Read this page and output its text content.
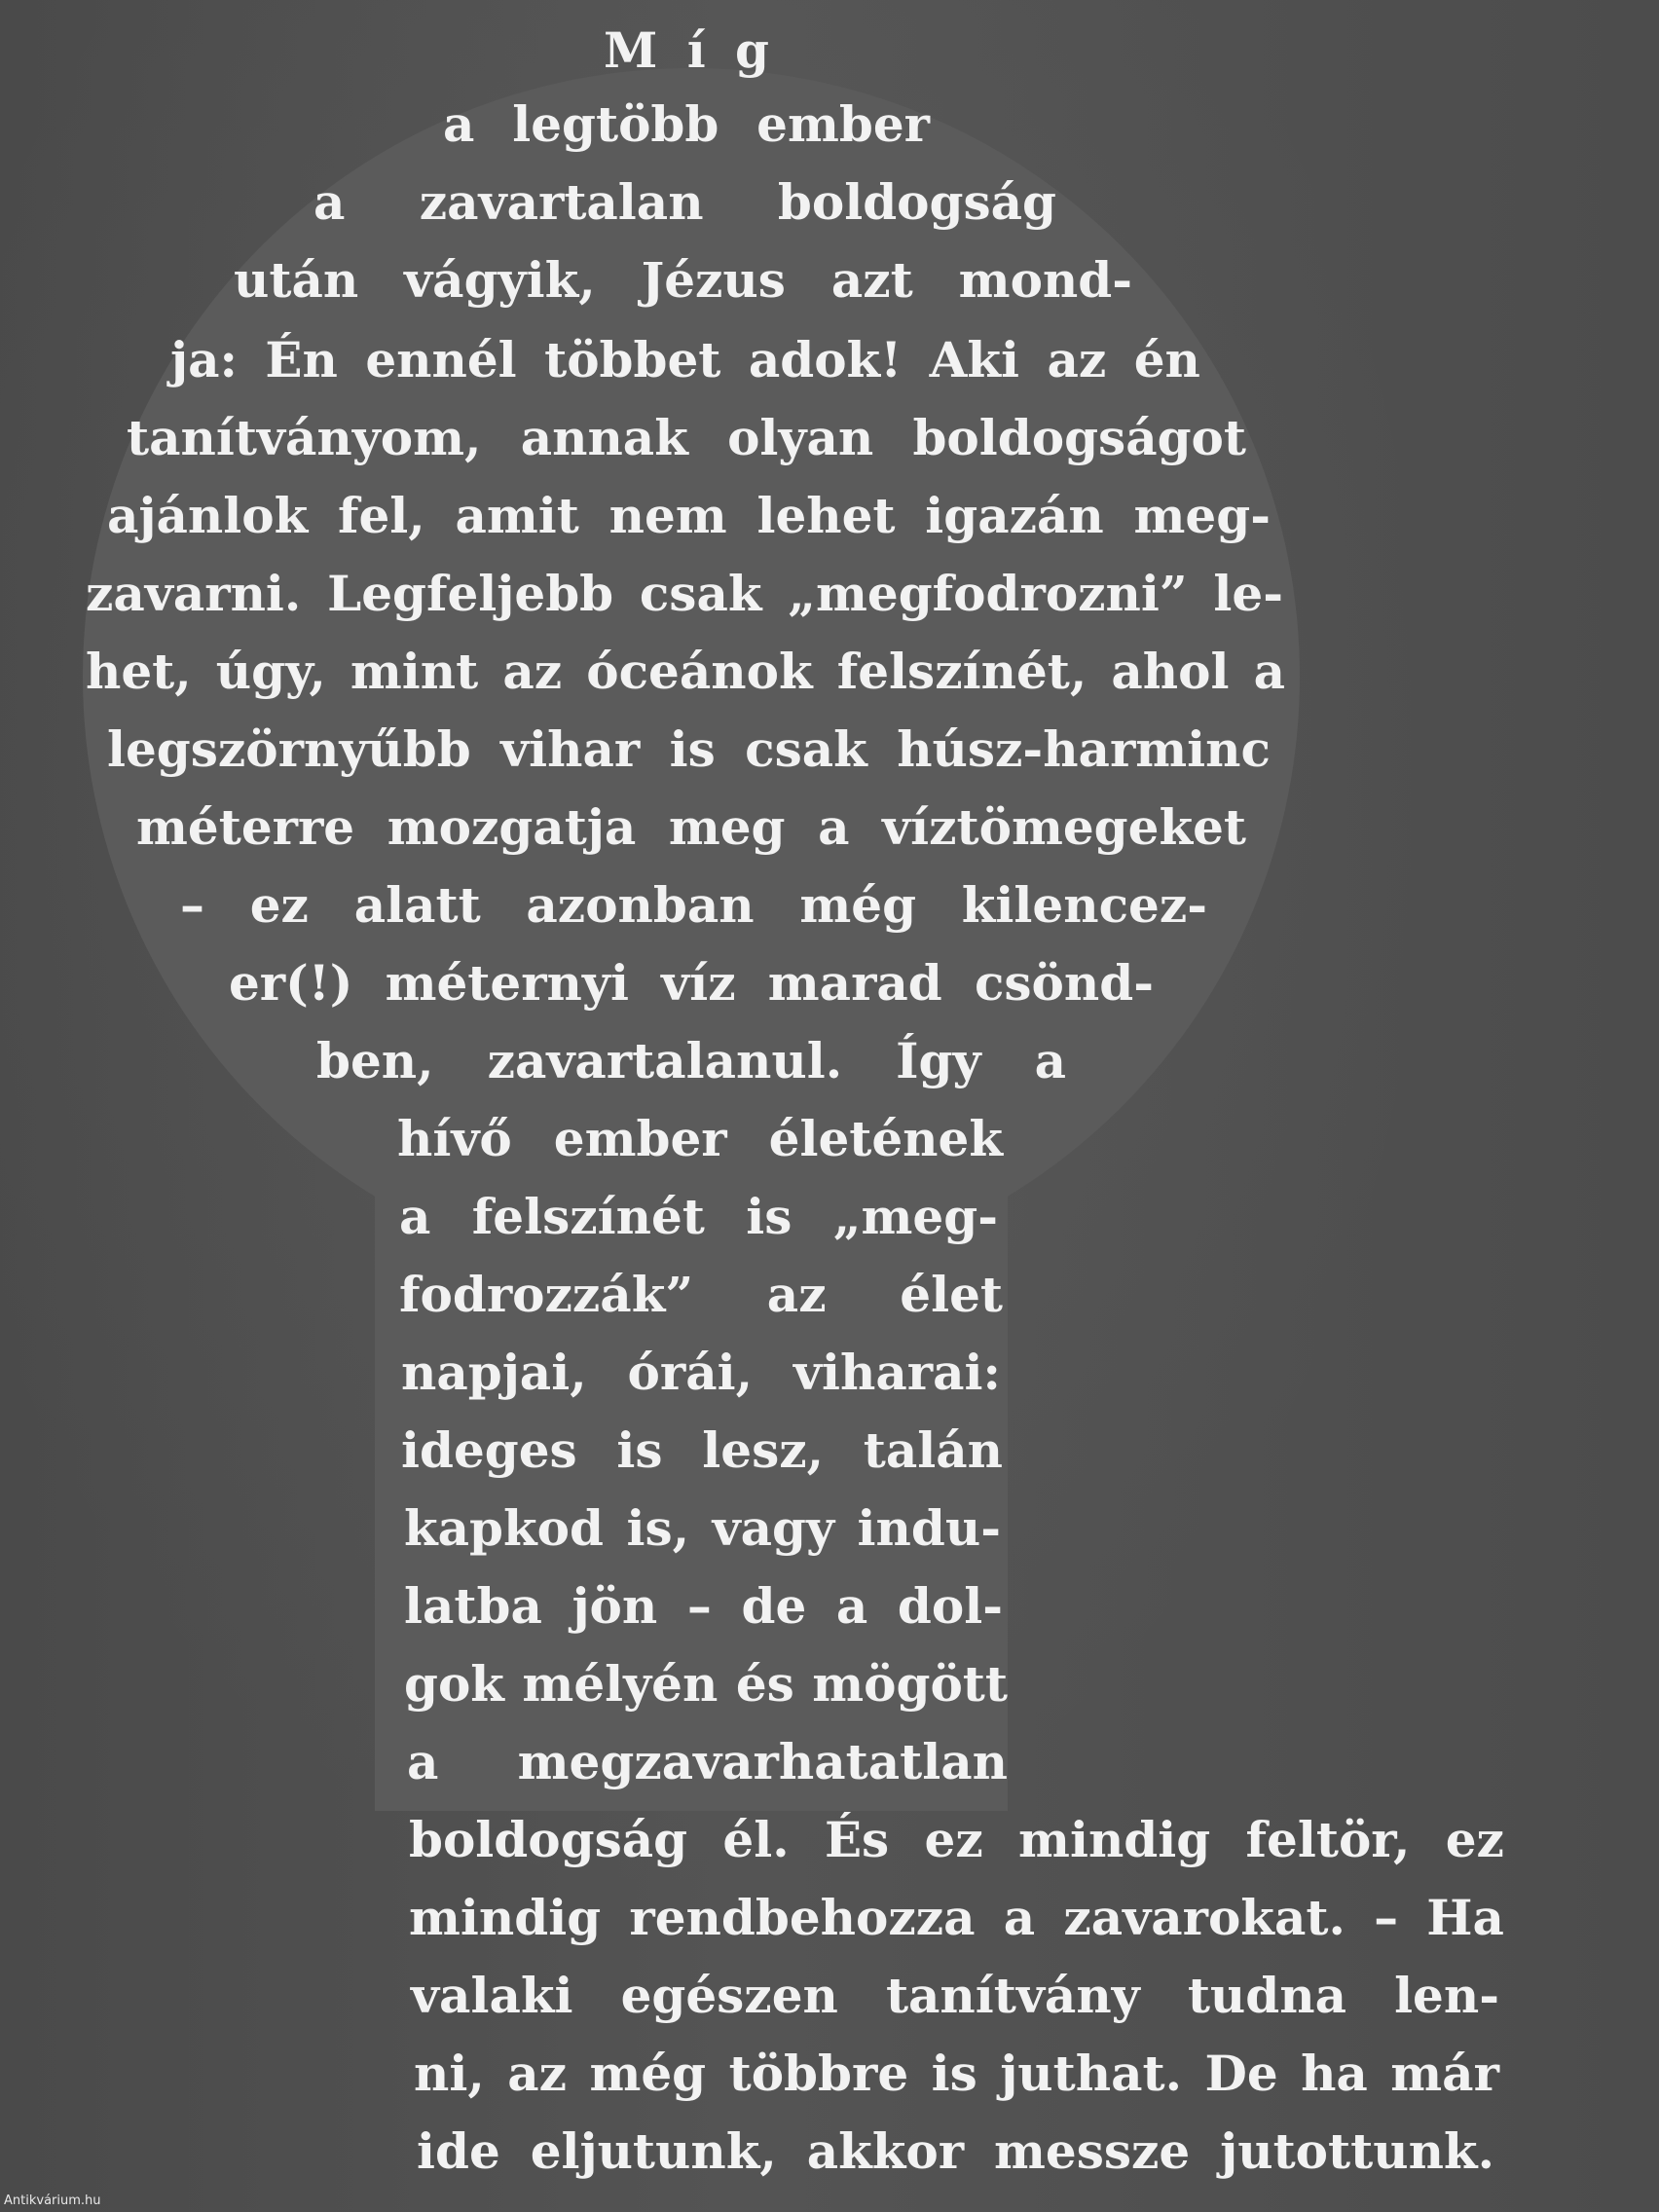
M í g
a legtöbb ember
a zavartalan boldogság
után vágyik, Jézus azt mond-
ja: Én ennél többet adok! Aki az én
tanítványom, annak olyan boldogságot
ajánlok fel, amit nem lehet igazán meg-
zavarni. Legfeljebb csak „megfodrozni” le-
het, úgy, mint az óceánok felszínét, ahol a
legszörnyűbb vihar is csak húsz-harminc
méterre mozgatja meg a víztömegeket
– ez alatt azonban még kilencez-
er(!) méternyi víz marad csönd-
ben, zavartalanul. Így a
hívő ember életének
a felszínét is „meg-
fodrozzák” az élet
napjai, órái, viharai:
ideges is lesz, talán
kapkod is, vagy indu-
latba jön – de a dol-
gok mélyén és mögött
a megzavarhatatlan
boldogság él. És ez mindig feltör, ez
mindig rendbehozza a zavarokat. – Ha
valaki egészen tanítvány tudna len-
ni, az még többre is juthat. De ha már
ide eljutunk, akkor messze jutottunk.
Antikvárium.hu
